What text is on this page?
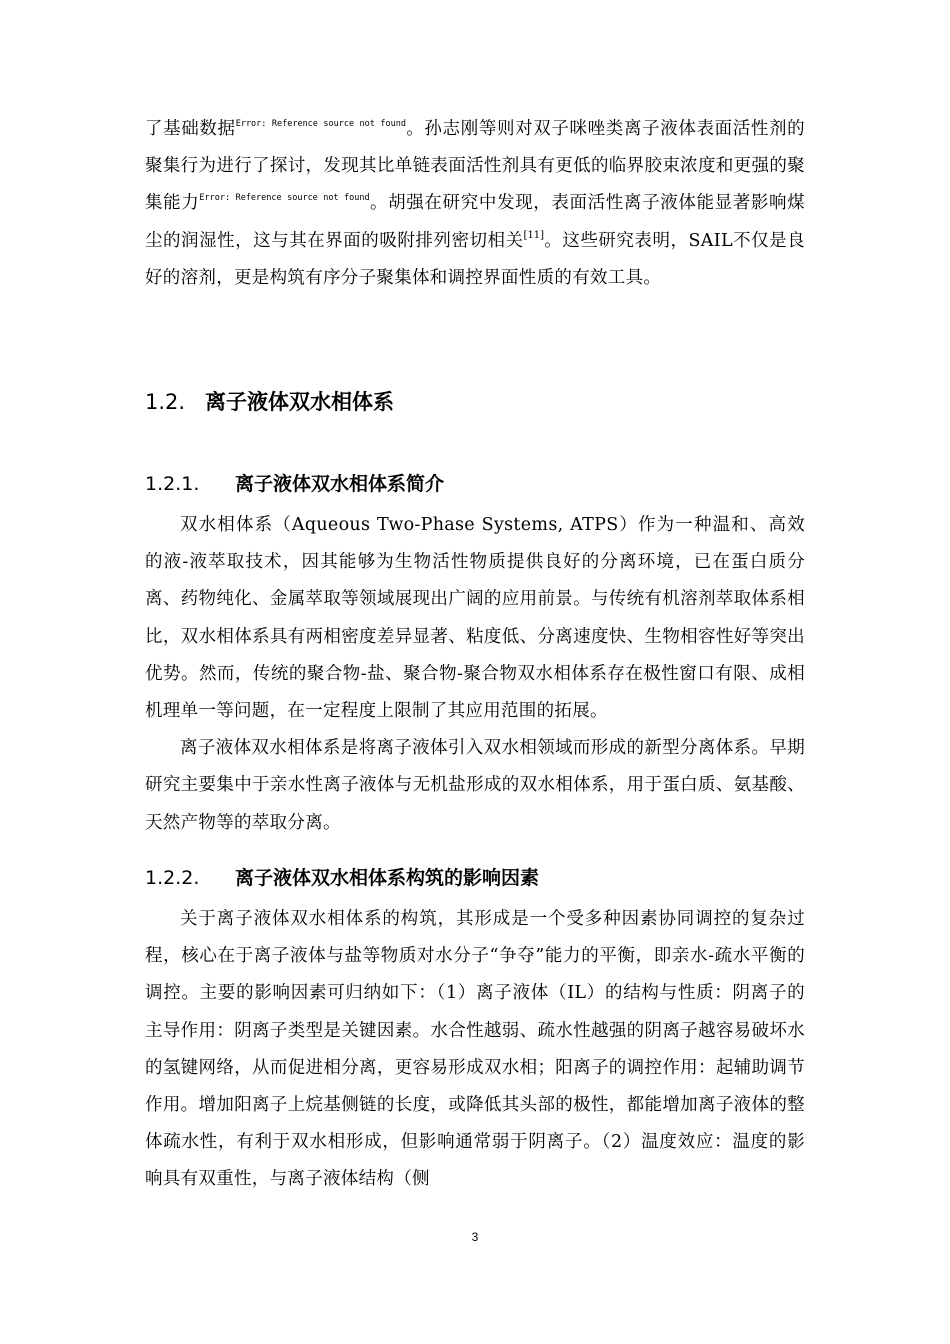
了基础数据$^{Error: Reference source not found}$。孙志刚等则对双子咪唑类离子液体表面活性剂的聚集行为进行了探讨，发现其比单链表面活性剂具有更低的临界胶束浓度和更强的聚集能力$^{Error: Reference source not found}$。胡强在研究中发现，表面活性离子液体能显著影响煤尘的润湿性，这与其在界面的吸附排列密切相关[11]。这些研究表明，SAIL不仅是良好的溶剂，更是构筑有序分子聚集体和调控界面性质的有效工具。

1.2. 离子液体双水相体系
1.2.1. 离子液体双水相体系简介

双水相体系（Aqueous Two-Phase Systems, ATPS）作为一种温和、高效的液-液萃取技术，因其能够为生物活性物质提供良好的分离环境，已在蛋白质分离、药物纯化、金属萃取等领域展现出广阔的应用前景。与传统有机溶剂萃取体系相比，双水相体系具有两相密度差异显著、粘度低、分离速度快、生物相容性好等突出优势。然而，传统的聚合物-盐、聚合物-聚合物双水相体系存在极性窗口有限、成相机理单一等问题，在一定程度上限制了其应用范围的拓展。

离子液体双水相体系是将离子液体引入双水相领域而形成的新型分离体系。早期研究主要集中于亲水性离子液体与无机盐形成的双水相体系，用于蛋白质、氨基酸、天然产物等的萃取分离。

1.2.2. 离子液体双水相体系构筑的影响因素

关于离子液体双水相体系的构筑，其形成是一个受多种因素协同调控的复杂过程，核心在于离子液体与盐等物质对水分子“争夺”能力的平衡，即亲水-疏水平衡的调控。主要的影响因素可归纳如下：（1）离子液体（IL）的结构与性质：阴离子的主导作用：阴离子类型是关键因素。水合性越弱、疏水性越强的阴离子越容易破坏水的氢键网络，从而促进相分离，更容易形成双水相；阳离子的调控作用：起辅助调节作用。增加阳离子上烷基侧链的长度，或降低其头部的极性，都能增加离子液体的整体疏水性，有利于双水相形成，但影响通常弱于阴离子。（2）温度效应：温度的影响具有双重性，与离子液体结构（侧

3
